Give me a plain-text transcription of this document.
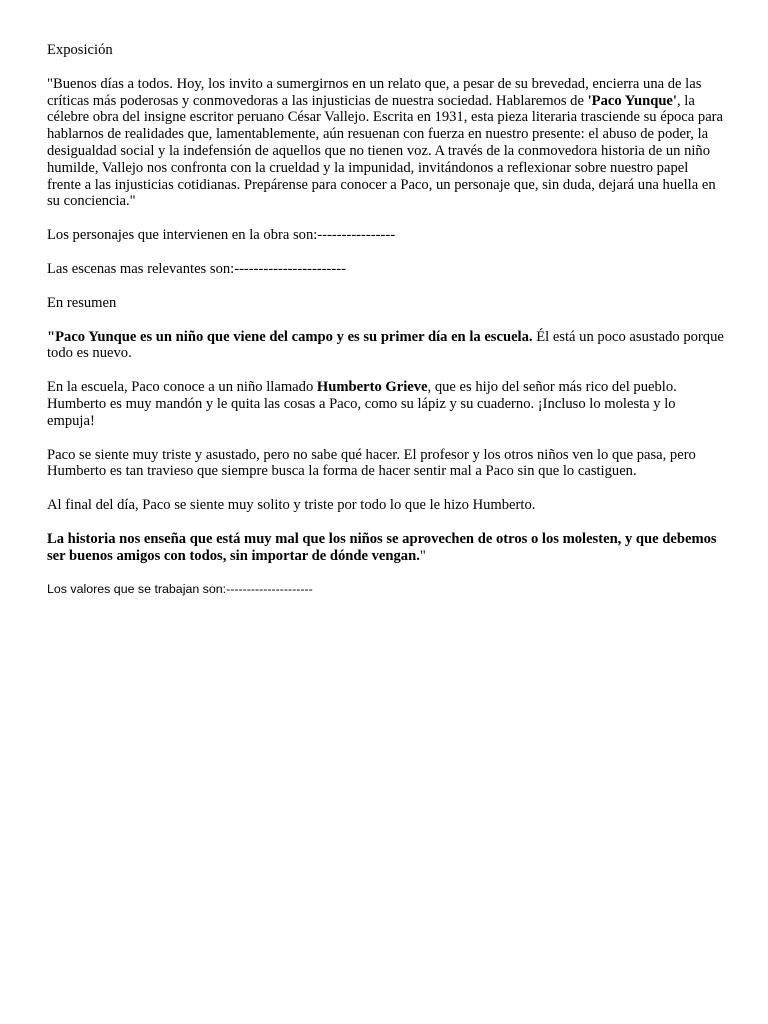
Exposición

"Buenos días a todos. Hoy, los invito a sumergirnos en un relato que, a pesar de su brevedad, encierra una de las críticas más poderosas y conmovedoras a las injusticias de nuestra sociedad. Hablaremos de 'Paco Yunque', la célebre obra del insigne escritor peruano César Vallejo. Escrita en 1931, esta pieza literaria trasciende su época para hablarnos de realidades que, lamentablemente, aún resuenan con fuerza en nuestro presente: el abuso de poder, la desigualdad social y la indefensión de aquellos que no tienen voz. A través de la conmovedora historia de un niño humilde, Vallejo nos confronta con la crueldad y la impunidad, invitándonos a reflexionar sobre nuestro papel frente a las injusticias cotidianas. Prepárense para conocer a Paco, un personaje que, sin duda, dejará una huella en su conciencia."

Los personajes que intervienen en la obra son:----------------

Las escenas mas relevantes son:-----------------------

En resumen

"Paco Yunque es un niño que viene del campo y es su primer día en la escuela. Él está un poco asustado porque todo es nuevo.

En la escuela, Paco conoce a un niño llamado Humberto Grieve, que es hijo del señor más rico del pueblo. Humberto es muy mandón y le quita las cosas a Paco, como su lápiz y su cuaderno. ¡Incluso lo molesta y lo empuja!

Paco se siente muy triste y asustado, pero no sabe qué hacer. El profesor y los otros niños ven lo que pasa, pero Humberto es tan travieso que siempre busca la forma de hacer sentir mal a Paco sin que lo castiguen.

Al final del día, Paco se siente muy solito y triste por todo lo que le hizo Humberto.

La historia nos enseña que está muy mal que los niños se aprovechen de otros o los molesten, y que debemos ser buenos amigos con todos, sin importar de dónde vengan."

Los valores que se trabajan son:---------------------
